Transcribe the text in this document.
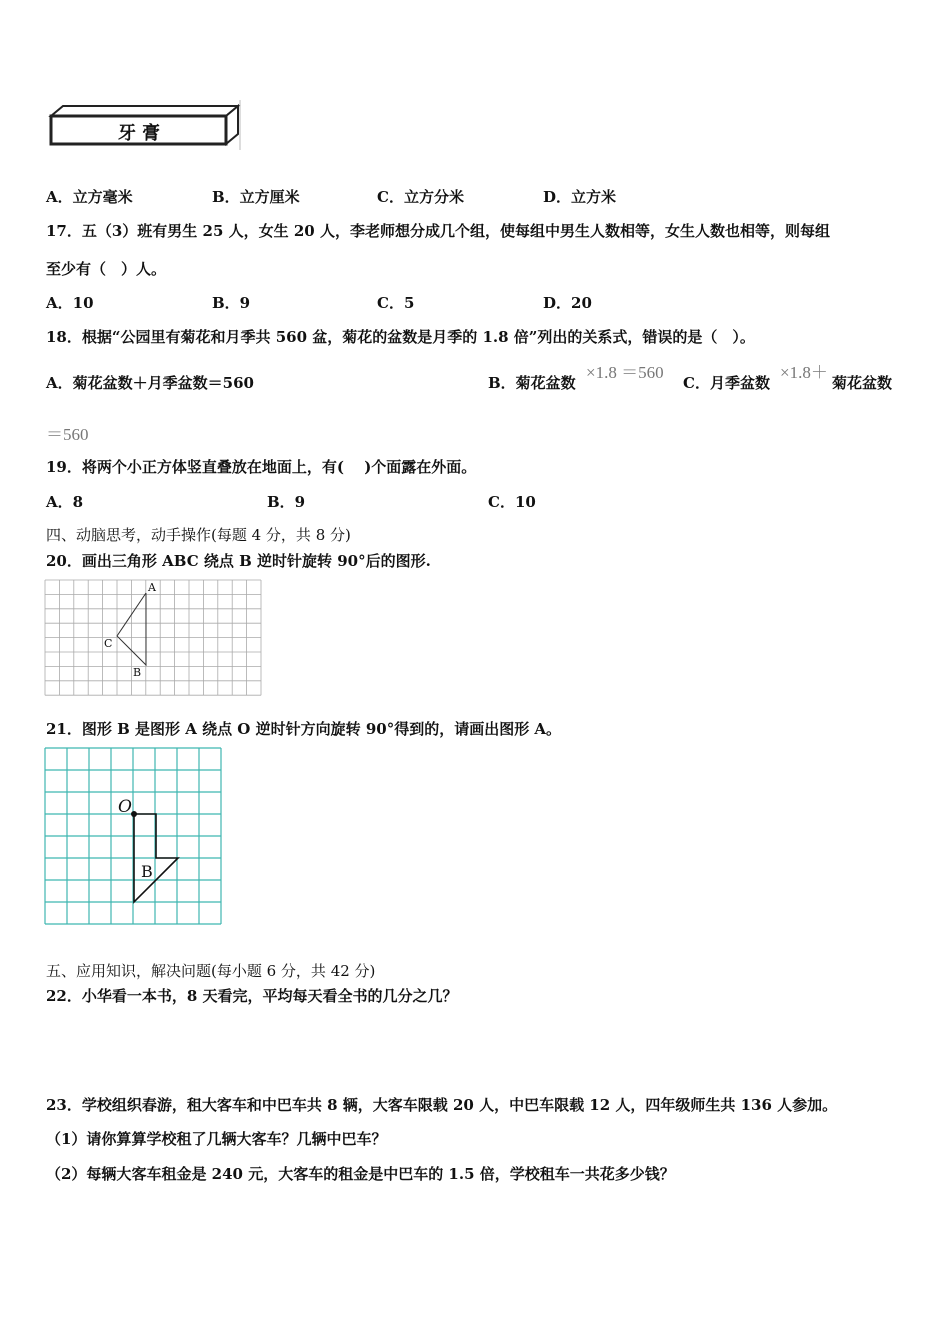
牙膏
A．立方毫米	B．立方厘米	C．立方分米	D．立方米
17．五（3）班有男生 25 人，女生 20 人，李老师想分成几个组，使每组中男生人数相等，女生人数也相等，则每组
至少有（　）人。
A．10	B．9	C．5	D．20
18．根据“公园里有菊花和月季共 560 盆，菊花的盆数是月季的 1.8 倍”列出的关系式，错误的是（　）。
A．菊花盆数＋月季盆数＝560	B．菊花盆数
×1.8 ＝560
C．月季盆数
×1.8＋
菊花盆数
＝560
19．将两个小正方体竖直叠放在地面上，有(　 )个面露在外面。
A．8	B．9	C．10
四、动脑思考，动手操作(每题 4 分，共 8 分)
20．画出三角形 ABC 绕点 B 逆时针旋转 90°后的图形.
A
C
B
21．图形 B 是图形 A 绕点 O 逆时针方向旋转 90°得到的，请画出图形 A。
O
B
五、应用知识，解决问题(每小题 6 分，共 42 分)
22．小华看一本书，8 天看完，平均每天看全书的几分之几？
23．学校组织春游，租大客车和中巴车共 8 辆，大客车限载 20 人，中巴车限载 12 人，四年级师生共 136 人参加。
（1）请你算算学校租了几辆大客车？几辆中巴车？
（2）每辆大客车租金是 240 元，大客车的租金是中巴车的 1.5 倍，学校租车一共花多少钱？
